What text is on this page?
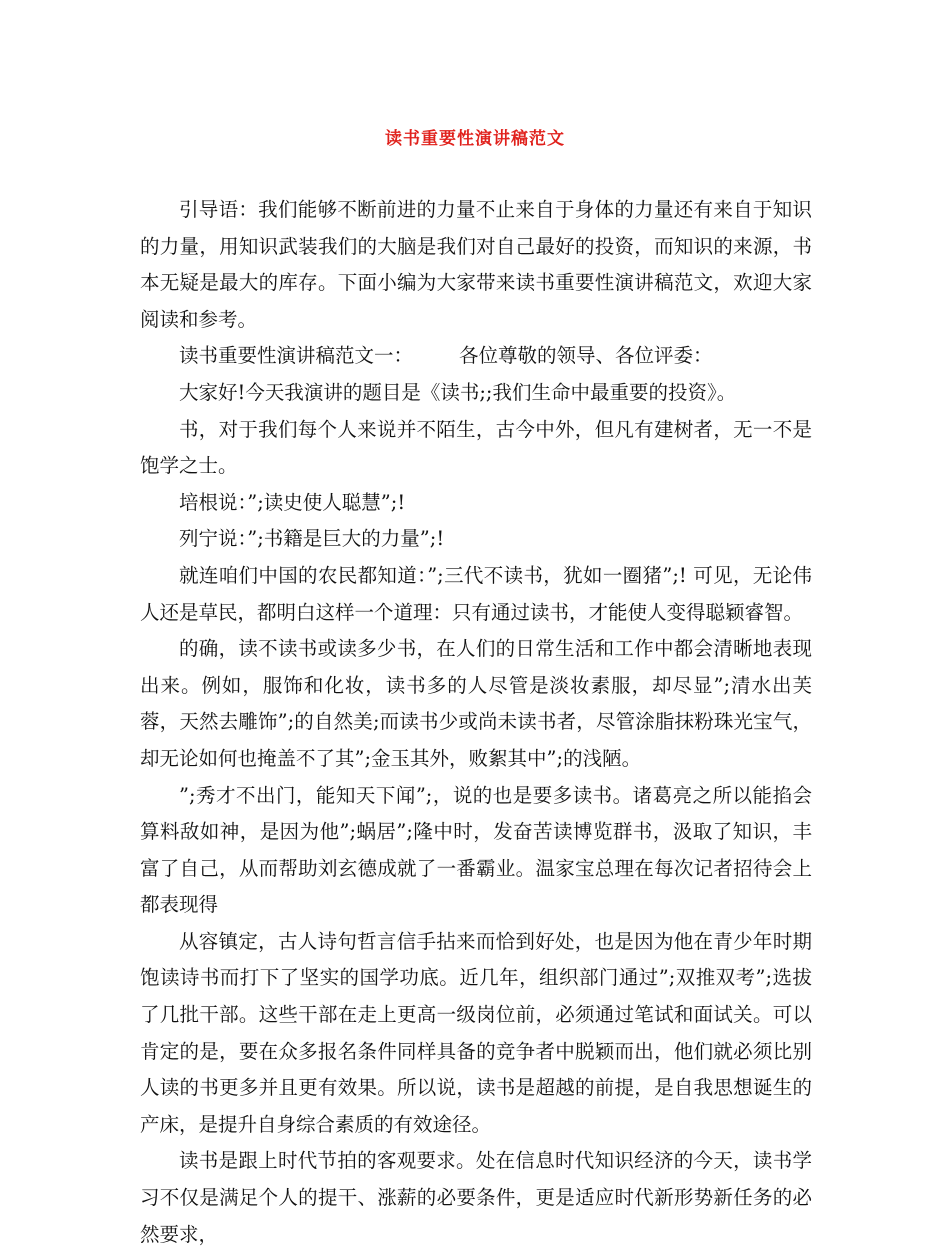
读书重要性演讲稿范文

引导语：我们能够不断前进的力量不止来自于身体的力量还有来自于知识的力量，用知识武装我们的大脑是我们对自己最好的投资，而知识的来源，书本无疑是最大的库存。下面小编为大家带来读书重要性演讲稿范文，欢迎大家阅读和参考。

读书重要性演讲稿范文一： 各位尊敬的领导、各位评委：

大家好!今天我演讲的题目是《读书;;我们生命中最重要的投资》。

书，对于我们每个人来说并不陌生，古今中外，但凡有建树者，无一不是饱学之士。

培根说：”;读史使人聪慧”;!

列宁说：”;书籍是巨大的力量”;!

就连咱们中国的农民都知道：”;三代不读书，犹如一圈猪”;! 可见，无论伟人还是草民，都明白这样一个道理：只有通过读书，才能使人变得聪颖睿智。

的确，读不读书或读多少书，在人们的日常生活和工作中都会清晰地表现出来。例如，服饰和化妆，读书多的人尽管是淡妆素服，却尽显”;清水出芙蓉，天然去雕饰”;的自然美;而读书少或尚未读书者，尽管涂脂抹粉珠光宝气，却无论如何也掩盖不了其”;金玉其外，败絮其中”;的浅陋。

”;秀才不出门，能知天下闻”;，说的也是要多读书。诸葛亮之所以能掐会算料敌如神，是因为他”;蜗居”;隆中时，发奋苦读博览群书，汲取了知识，丰富了自己，从而帮助刘玄德成就了一番霸业。温家宝总理在每次记者招待会上都表现得

从容镇定，古人诗句哲言信手拈来而恰到好处，也是因为他在青少年时期饱读诗书而打下了坚实的国学功底。近几年，组织部门通过”;双推双考”;选拔了几批干部。这些干部在走上更高一级岗位前，必须通过笔试和面试关。可以肯定的是，要在众多报名条件同样具备的竞争者中脱颖而出，他们就必须比别人读的书更多并且更有效果。所以说，读书是超越的前提，是自我思想诞生的产床，是提升自身综合素质的有效途径。

读书是跟上时代节拍的客观要求。处在信息时代知识经济的今天，读书学习不仅是满足个人的提干、涨薪的必要条件，更是适应时代新形势新任务的必然要求，
